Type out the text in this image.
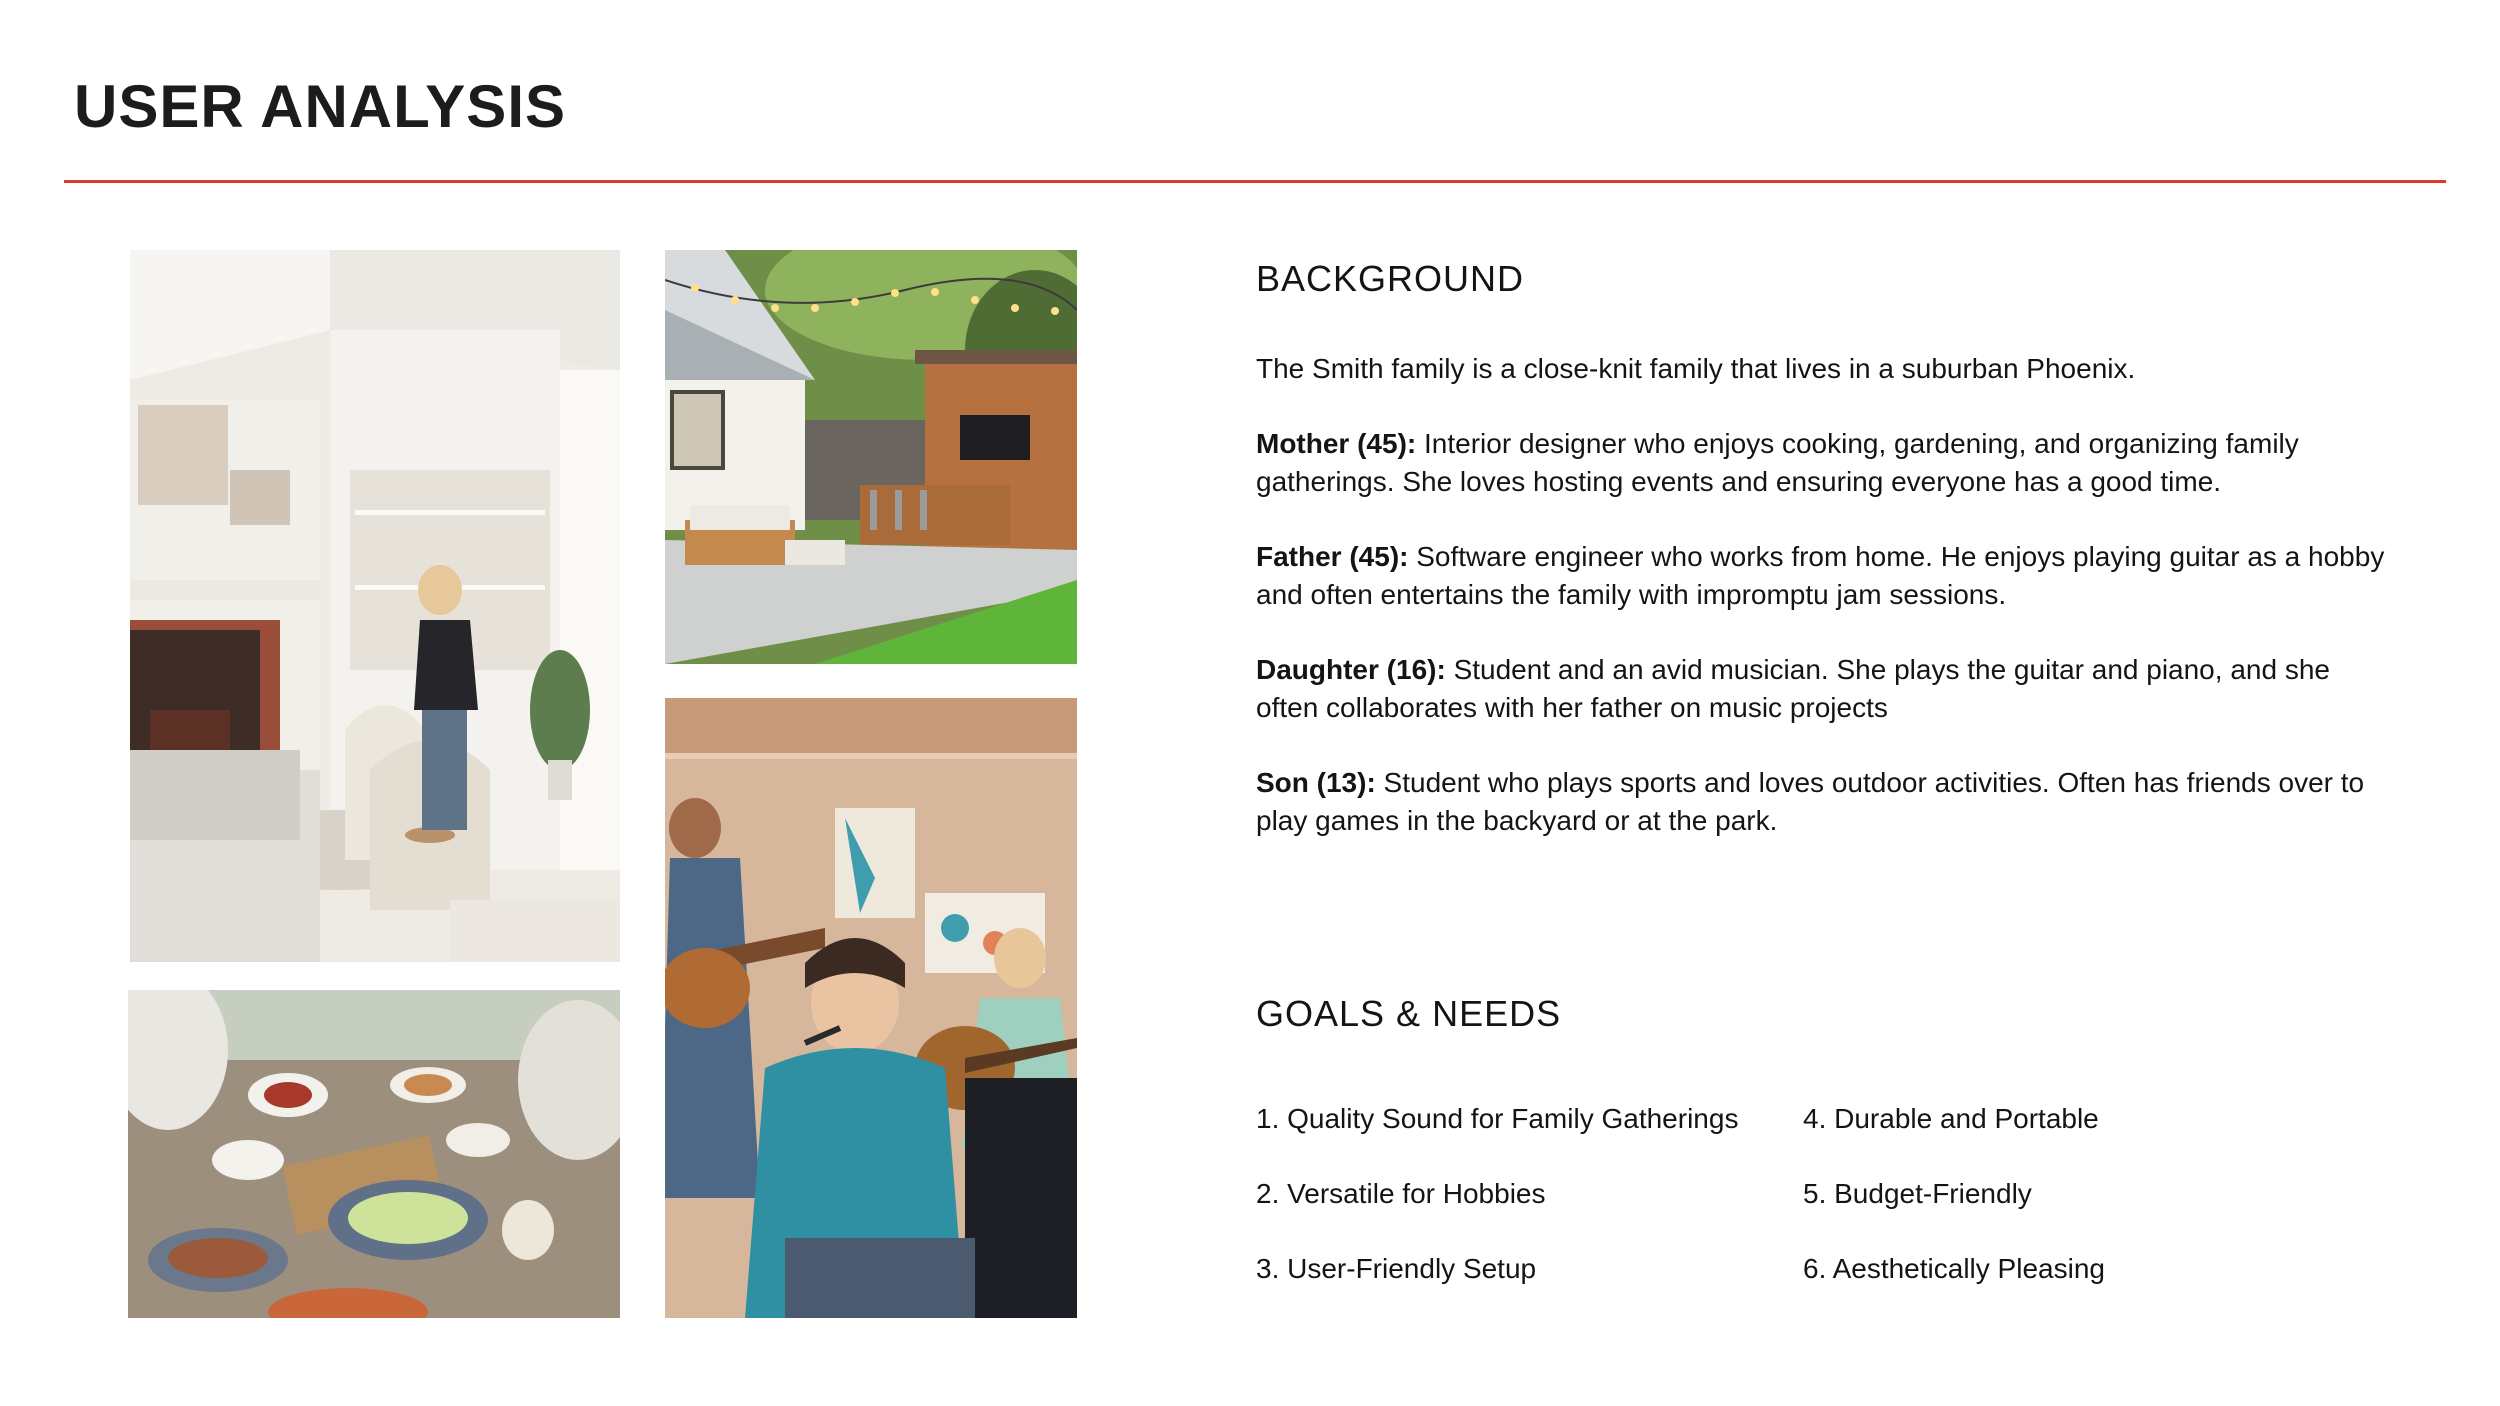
USER ANALYSIS
BACKGROUND

The Smith family is a close-knit family that lives in a suburban Phoenix.

Mother (45): Interior designer who enjoys cooking, gardening, and organizing family gatherings. She loves hosting events and ensuring everyone has a good time.

Father (45): Software engineer who works from home. He enjoys playing guitar as a hobby and often entertains the family with impromptu jam sessions.

Daughter (16): Student and an avid musician. She plays the guitar and piano, and she often collaborates with her father on music projects

Son (13): Student who plays sports and loves outdoor activities. Often has friends over to play games in the backyard or at the park.

GOALS & NEEDS
1. Quality Sound for Family Gatherings
2. Versatile for Hobbies
3. User-Friendly Setup
4. Durable and Portable
5. Budget-Friendly
6. Aesthetically Pleasing
